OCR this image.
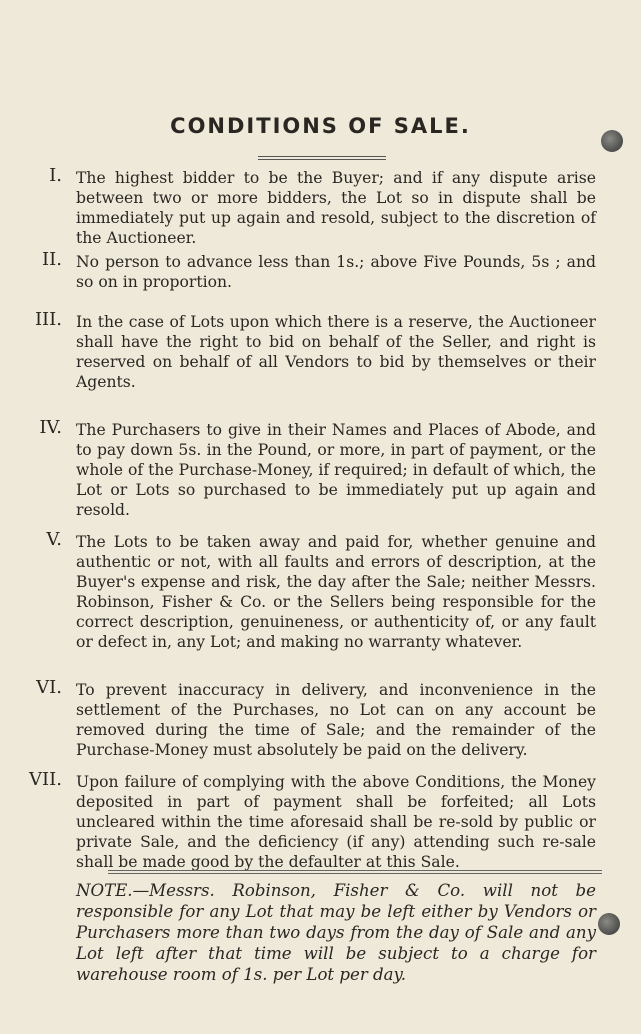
CONDITIONS OF SALE.
I. The highest bidder to be the Buyer; and if any dispute arise between two or more bidders, the Lot so in dispute shall be immediately put up again and resold, subject to the discretion of the Auctioneer.
II. No person to advance less than 1s.; above Five Pounds, 5s ; and so on in proportion.
III. In the case of Lots upon which there is a reserve, the Auctioneer shall have the right to bid on behalf of the Seller, and right is reserved on behalf of all Vendors to bid by themselves or their Agents.
IV. The Purchasers to give in their Names and Places of Abode, and to pay down 5s. in the Pound, or more, in part of payment, or the whole of the Purchase-Money, if required; in default of which, the Lot or Lots so purchased to be immediately put up again and resold.
V. The Lots to be taken away and paid for, whether genuine and authentic or not, with all faults and errors of description, at the Buyer's expense and risk, the day after the Sale; neither Messrs. Robinson, Fisher & Co. or the Sellers being responsible for the correct description, genuineness, or authenticity of, or any fault or defect in, any Lot; and making no warranty whatever.
VI. To prevent inaccuracy in delivery, and inconvenience in the settlement of the Purchases, no Lot can on any account be removed during the time of Sale; and the remainder of the Purchase-Money must absolutely be paid on the delivery.
VII. Upon failure of complying with the above Conditions, the Money deposited in part of payment shall be forfeited; all Lots uncleared within the time aforesaid shall be re-sold by public or private Sale, and the deficiency (if any) attending such re-sale shall be made good by the defaulter at this Sale.
NOTE.—Messrs. Robinson, Fisher & Co. will not be responsible for any Lot that may be left either by Vendors or Purchasers more than two days from the day of Sale and any Lot left after that time will be subject to a charge for warehouse room of 1s. per Lot per day.
